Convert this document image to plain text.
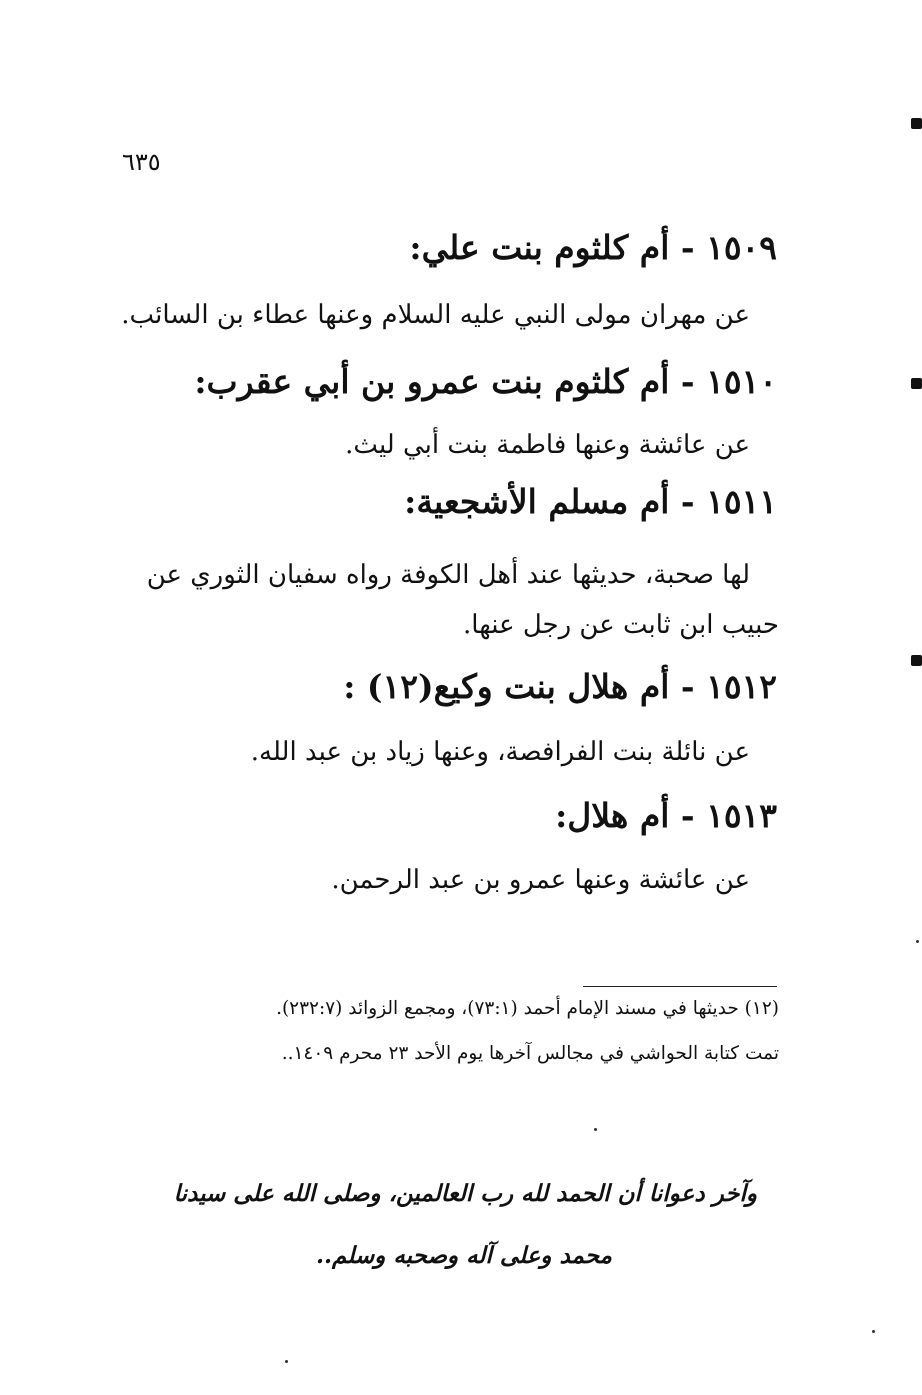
٦٣٥
١٥٠٩ - أم كلثوم بنت علي:
عن مهران مولى النبي عليه السلام وعنها عطاء بن السائب.
١٥١٠ - أم كلثوم بنت عمرو بن أبي عقرب:
عن عائشة وعنها فاطمة بنت أبي ليث.
١٥١١ - أم مسلم الأشجعية:
لها صحبة، حديثها عند أهل الكوفة رواه سفيان الثوري عن
حبيب ابن ثابت عن رجل عنها.
١٥١٢ - أم هلال بنت وكيع(١٢) :
عن نائلة بنت الفرافصة، وعنها زياد بن عبد الله.
١٥١٣ - أم هلال:
عن عائشة وعنها عمرو بن عبد الرحمن.
(١٢) حديثها في مسند الإمام أحمد (٧٣:١)، ومجمع الزوائد (٢٣٢:٧).
تمت كتابة الحواشي في مجالس آخرها يوم الأحد ٢٣ محرم ١٤٠٩..
وآخر دعوانا أن الحمد لله رب العالمين، وصلى الله على سيدنا
محمد وعلى آله وصحبه وسلم..
